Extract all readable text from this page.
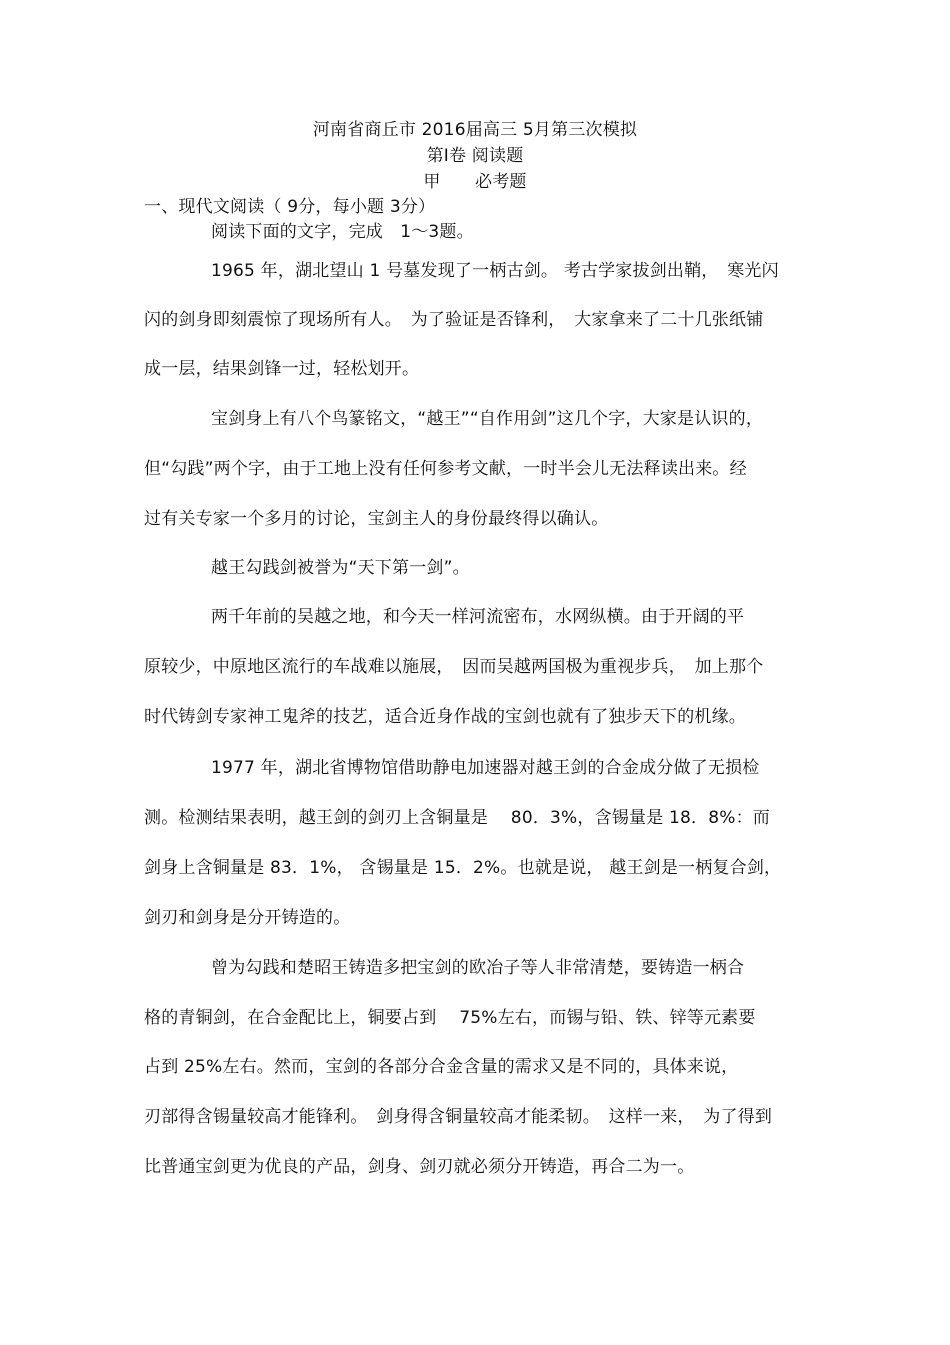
河南省商丘市 2016届高三 5月第三次模拟
第Ⅰ卷 阅读题
甲　　必考题
一、现代文阅读（ 9分，每小题 3分）
阅读下面的文字，完成　1～3题。
1965 年，湖北望山 1 号墓发现了一柄古剑。 考古学家拔剑出鞘，　寒光闪
闪的剑身即刻震惊了现场所有人。　为了验证是否锋利，　大家拿来了二十几张纸铺
成一层，结果剑锋一过，轻松划开。
宝剑身上有八个鸟篆铭文，“越王”“自作用剑”这几个字，大家是认识的，
但“勾践”两个字，由于工地上没有任何参考文献，一时半会儿无法释读出来。经
过有关专家一个多月的讨论，宝剑主人的身份最终得以确认。
越王勾践剑被誉为“天下第一剑”。
两千年前的吴越之地，和今天一样河流密布，水网纵横。由于开阔的平
原较少，中原地区流行的车战难以施展，　因而吴越两国极为重视步兵，　加上那个
时代铸剑专家神工鬼斧的技艺，适合近身作战的宝剑也就有了独步天下的机缘。
1977 年，湖北省博物馆借助静电加速器对越王剑的合金成分做了无损检
测。检测结果表明，越王剑的剑刃上含铜量是　 80．3%，含锡量是 18．8%：而
剑身上含铜量是 83．1%， 含锡量是 15．2%。也就是说， 越王剑是一柄复合剑，
剑刃和剑身是分开铸造的。
曾为勾践和楚昭王铸造多把宝剑的欧冶子等人非常清楚，要铸造一柄合
格的青铜剑，在合金配比上，铜要占到　 75%左右，而锡与铅、铁、锌等元素要
占到 25%左右。然而，宝剑的各部分合金含量的需求又是不同的，具体来说，
刃部得含锡量较高才能锋利。　剑身得含铜量较高才能柔韧。　这样一来，　为了得到
比普通宝剑更为优良的产品，剑身、剑刃就必须分开铸造，再合二为一。
